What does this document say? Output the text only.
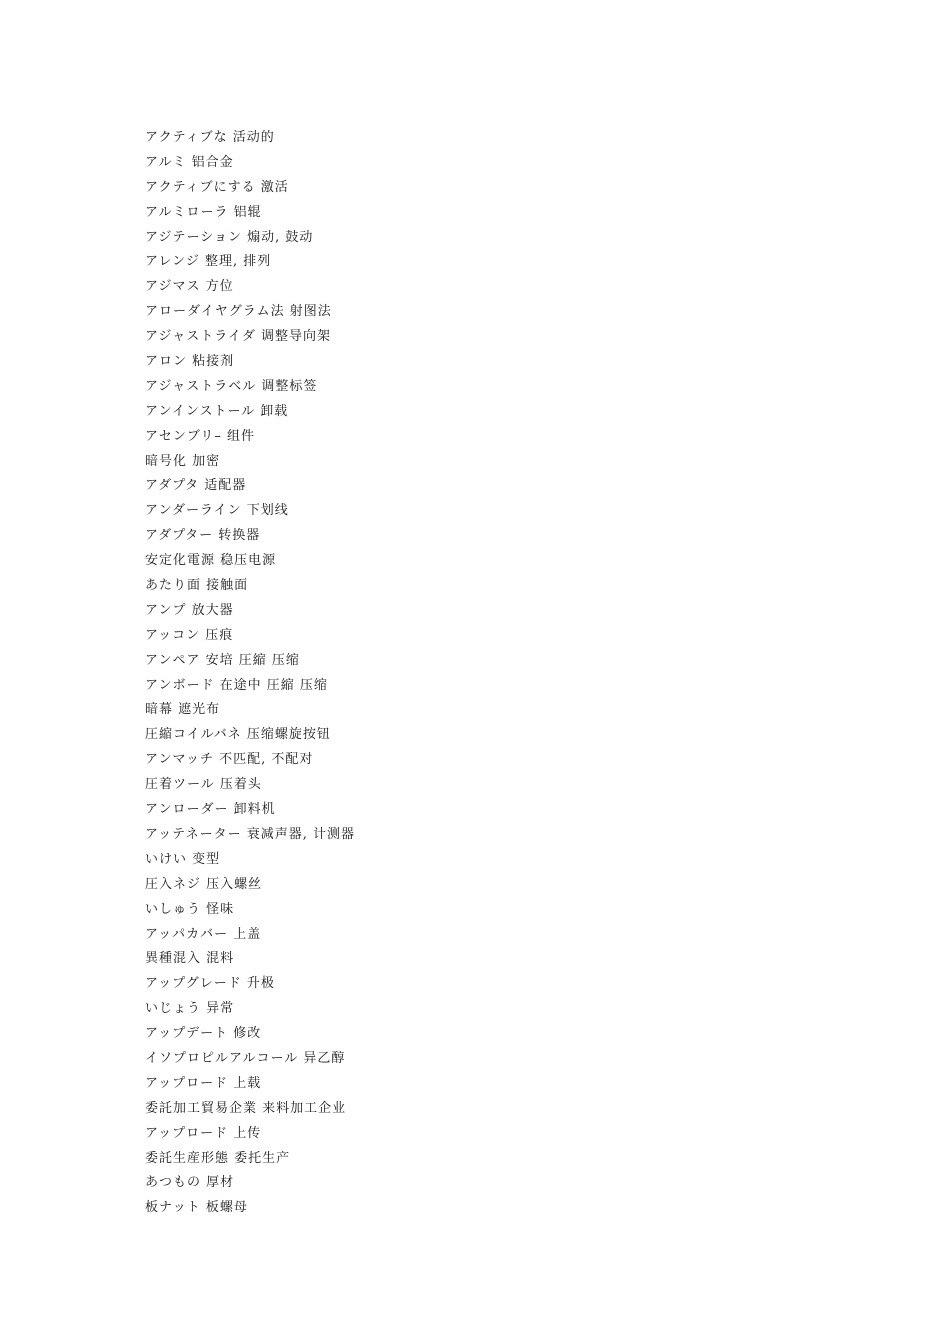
アクティブな 活动的
アルミ 铝合金
アクティブにする 激活
アルミローラ 铝辊
アジテーション 煽动, 鼓动
アレンジ 整理, 排列
アジマス 方位
アローダイヤグラム法 射图法
アジャストライダ 调整导向架
アロン 粘接剂
アジャストラベル 调整标签
アンインストール 卸载
アセンブリ– 组件
暗号化 加密
アダプタ 适配器
アンダーライン 下划线
アダプター 转换器
安定化電源 稳压电源
あたり面 接触面
アンプ 放大器
アッコン 压痕
アンペア 安培 圧縮 压缩
アンボード 在途中 圧縮 压缩
暗幕 遮光布
圧縮コイルバネ 压缩螺旋按钮
アンマッチ 不匹配, 不配对
圧着ツール 压着头
アンローダー 卸料机
アッテネーター 衰减声器, 计测器
いけい 变型
圧入ネジ 压入螺丝
いしゅう 怪味
アッパカバー 上盖
異種混入 混料
アップグレード 升极
いじょう 异常
アップデート 修改
イソプロピルアルコール 异乙醇
アップロード 上载
委託加工貿易企業 来料加工企业
アップロード 上传
委託生産形態 委托生产
あつもの 厚材
板ナット 板螺母
